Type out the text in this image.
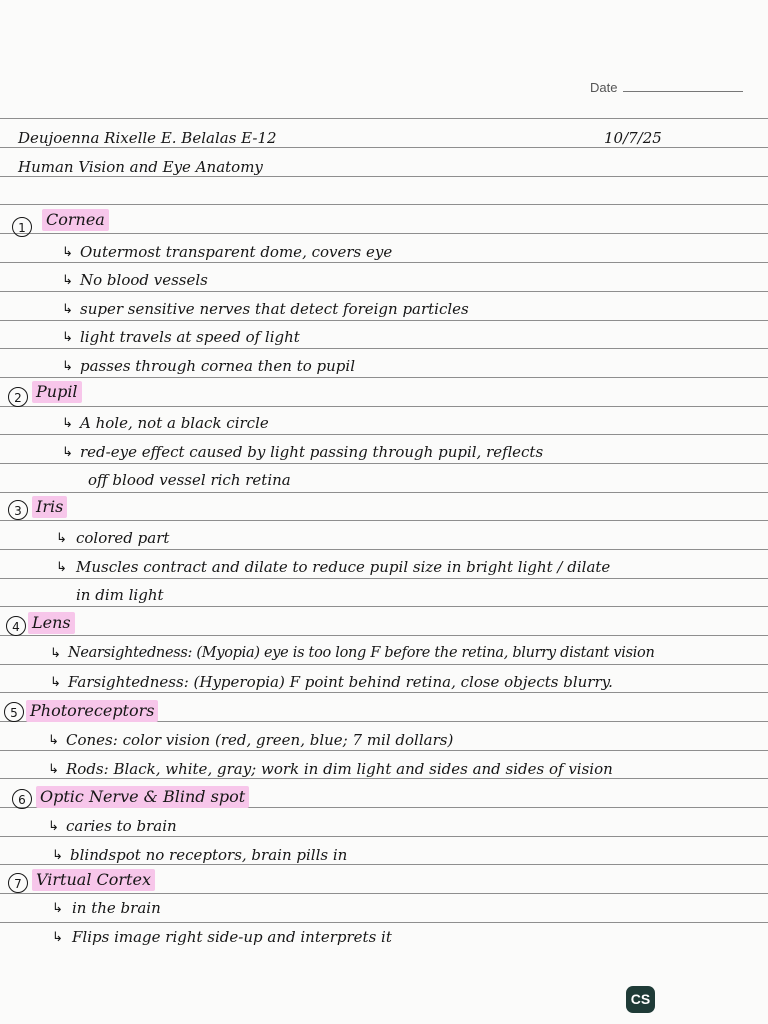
Date
Deujoenna Rixelle E. Belalas E-12	10/7/25
Human Vision and Eye Anatomy
1	Cornea
↳ Outermost transparent dome, covers eye
↳ No blood vessels
↳ super sensitive nerves that detect foreign particles
↳ light travels at speed of light
↳ passes through cornea then to pupil
2 Pupil
↳ A hole, not a black circle
↳ red-eye effect caused by light passing through pupil, reflects
off blood vessel rich retina
3 Iris
↳ colored part
↳ Muscles contract and dilate to reduce pupil size in bright light / dilate
in dim light
4 Lens
↳ Nearsightedness: (Myopia) eye is too long F before the retina, blurry distant vision
↳ Farsightedness: (Hyperopia) F point behind retina, close objects blurry.
5 Photoreceptors
↳ Cones: color vision (red, green, blue; 7 mil dollars)
↳ Rods: Black, white, gray; work in dim light and sides and sides of vision
6 Optic Nerve & Blind spot
↳ caries to brain
↳ blindspot no receptors, brain pills in
7 Virtual Cortex
↳ in the brain
↳ Flips image right side-up and interprets it
CS
